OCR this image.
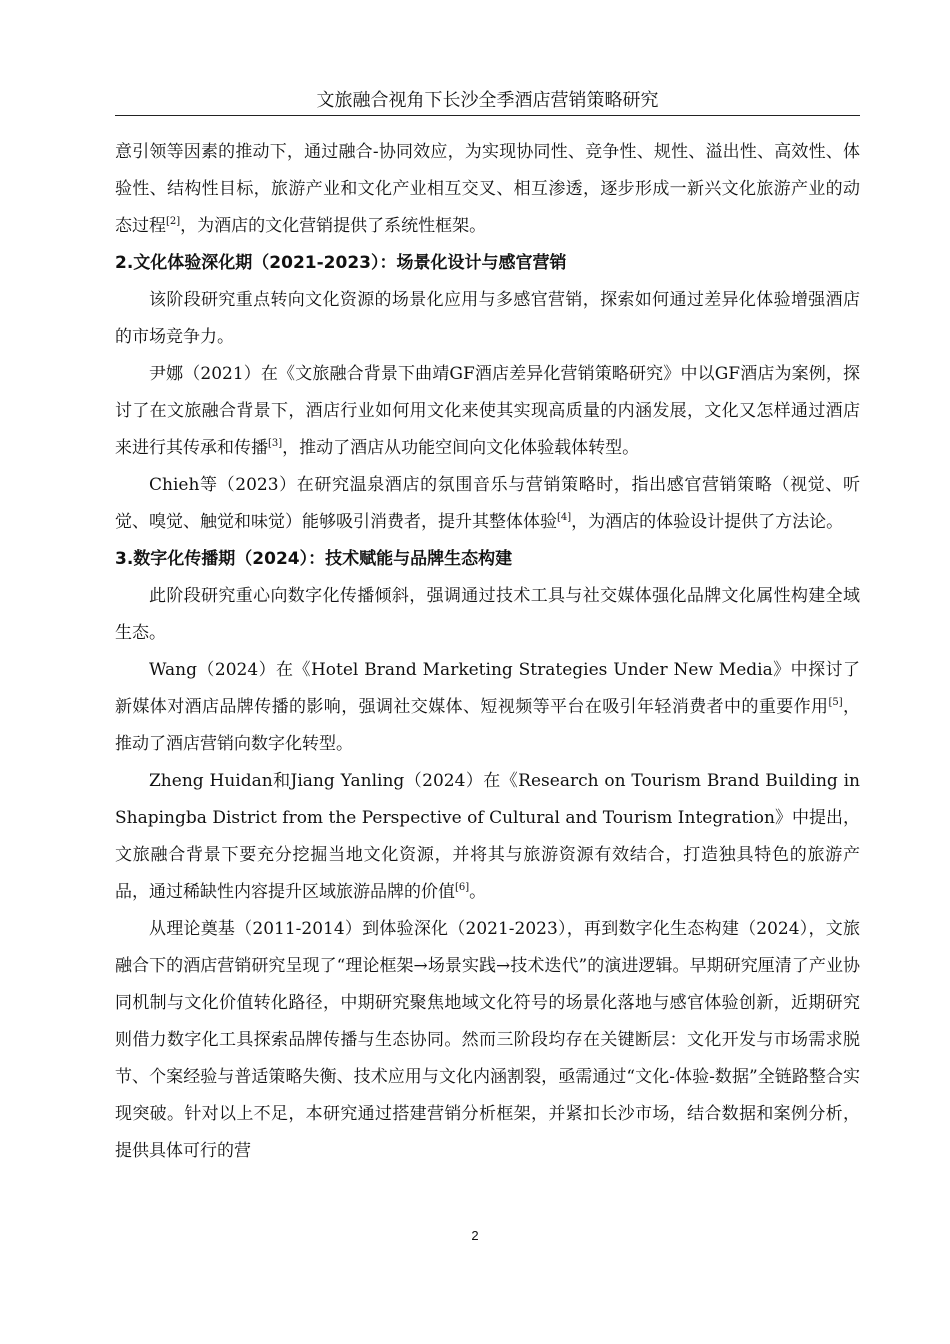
文旅融合视角下长沙全季酒店营销策略研究

意引领等因素的推动下，通过融合-协同效应，为实现协同性、竞争性、规性、溢出性、高效性、体验性、结构性目标，旅游产业和文化产业相互交叉、相互渗透，逐步形成一新兴文化旅游产业的动态过程[2]，为酒店的文化营销提供了系统性框架。

2.文化体验深化期（2021-2023）：场景化设计与感官营销

该阶段研究重点转向文化资源的场景化应用与多感官营销，探索如何通过差异化体验增强酒店的市场竞争力。

尹娜（2021）在《文旅融合背景下曲靖GF酒店差异化营销策略研究》中以GF酒店为案例，探讨了在文旅融合背景下，酒店行业如何用文化来使其实现高质量的内涵发展，文化又怎样通过酒店来进行其传承和传播[3]，推动了酒店从功能空间向文化体验载体转型。

Chieh等（2023）在研究温泉酒店的氛围音乐与营销策略时，指出感官营销策略（视觉、听觉、嗅觉、触觉和味觉）能够吸引消费者，提升其整体体验[4]，为酒店的体验设计提供了方法论。

3.数字化传播期（2024）：技术赋能与品牌生态构建

此阶段研究重心向数字化传播倾斜，强调通过技术工具与社交媒体强化品牌文化属性构建全域生态。

Wang（2024）在《Hotel Brand Marketing Strategies Under New Media》中探讨了新媒体对酒店品牌传播的影响，强调社交媒体、短视频等平台在吸引年轻消费者中的重要作用[5]，推动了酒店营销向数字化转型。

Zheng Huidan和Jiang Yanling（2024）在《Research on Tourism Brand Building in Shapingba District from the Perspective of Cultural and Tourism Integration》中提出，文旅融合背景下要充分挖掘当地文化资源，并将其与旅游资源有效结合，打造独具特色的旅游产品，通过稀缺性内容提升区域旅游品牌的价值[6]。

从理论奠基（2011-2014）到体验深化（2021-2023），再到数字化生态构建（2024），文旅融合下的酒店营销研究呈现了“理论框架→场景实践→技术迭代”的演进逻辑。早期研究厘清了产业协同机制与文化价值转化路径，中期研究聚焦地域文化符号的场景化落地与感官体验创新，近期研究则借力数字化工具探索品牌传播与生态协同。然而三阶段均存在关键断层：文化开发与市场需求脱节、个案经验与普适策略失衡、技术应用与文化内涵割裂，亟需通过“文化-体验-数据”全链路整合实现突破。针对以上不足，本研究通过搭建营销分析框架，并紧扣长沙市场，结合数据和案例分析，提供具体可行的营

2
